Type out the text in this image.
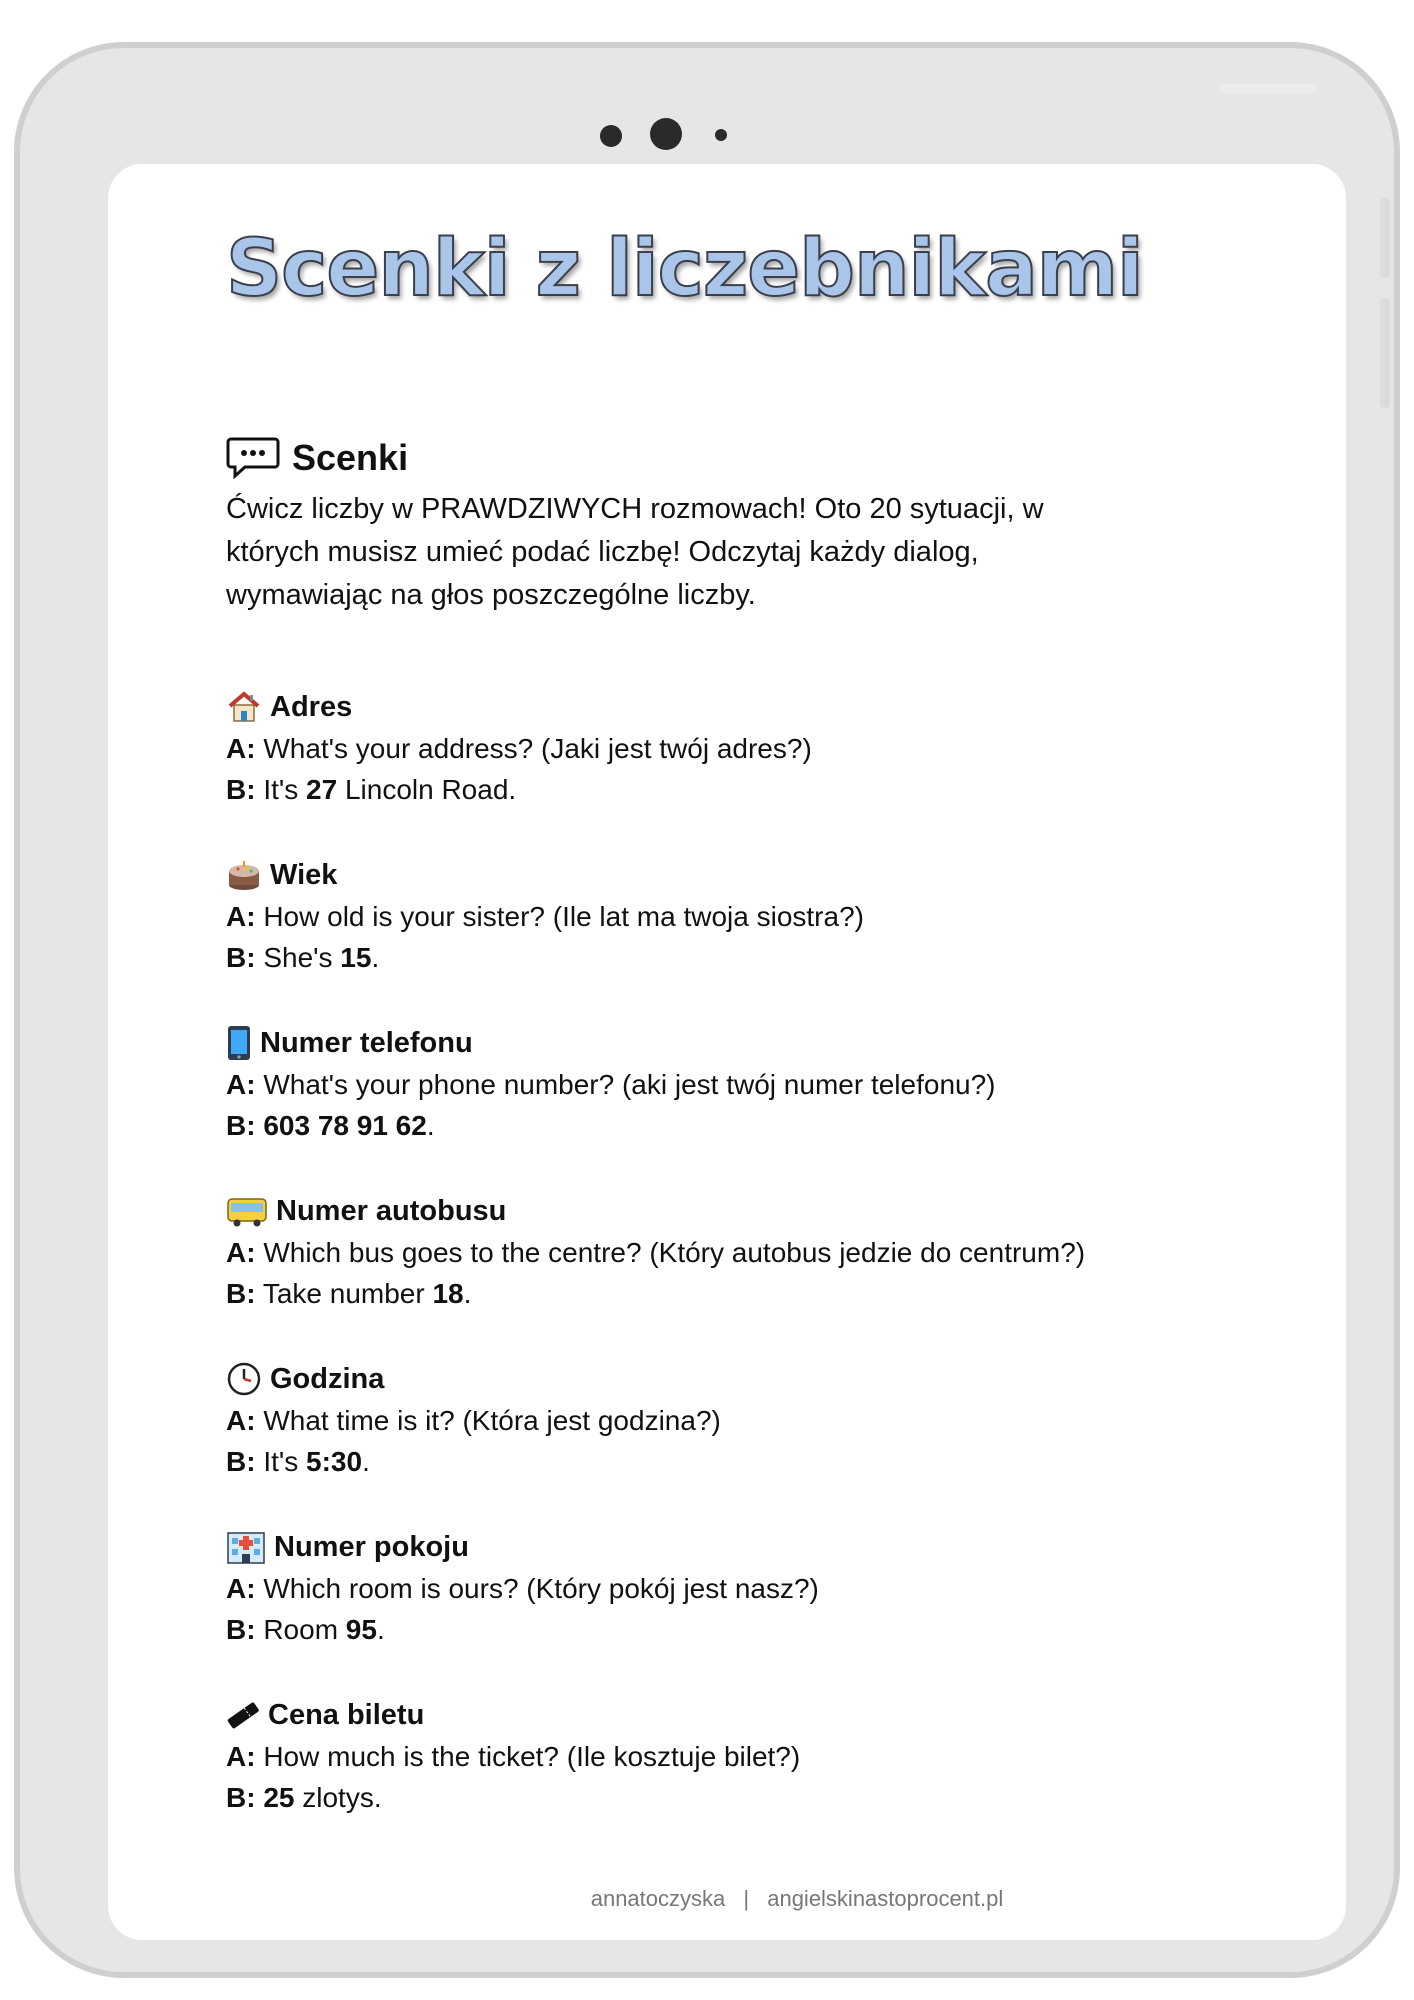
Scenki z liczebnikami
Scenki

Ćwicz liczby w PRAWDZIWYCH rozmowach! Oto 20 sytuacji, w których musisz umieć podać liczbę! Odczytaj każdy dialog, wymawiając na głos poszczególne liczby.

Adres
A: What's your address? (Jaki jest twój adres?)
B: It's 27 Lincoln Road.
Wiek
A: How old is your sister? (Ile lat ma twoja siostra?)
B: She's 15.
Numer telefonu
A: What's your phone number? (aki jest twój numer telefonu?)
B: 603 78 91 62.
Numer autobusu
A: Which bus goes to the centre? (Który autobus jedzie do centrum?)
B: Take number 18.
Godzina
A: What time is it? (Która jest godzina?)
B: It's 5:30.
Numer pokoju
A: Which room is ours? (Który pokój jest nasz?)
B: Room 95.
Cena biletu
A: How much is the ticket? (Ile kosztuje bilet?)
B: 25 zlotys.
annatoczyska | angielskinastoprocent.pl
